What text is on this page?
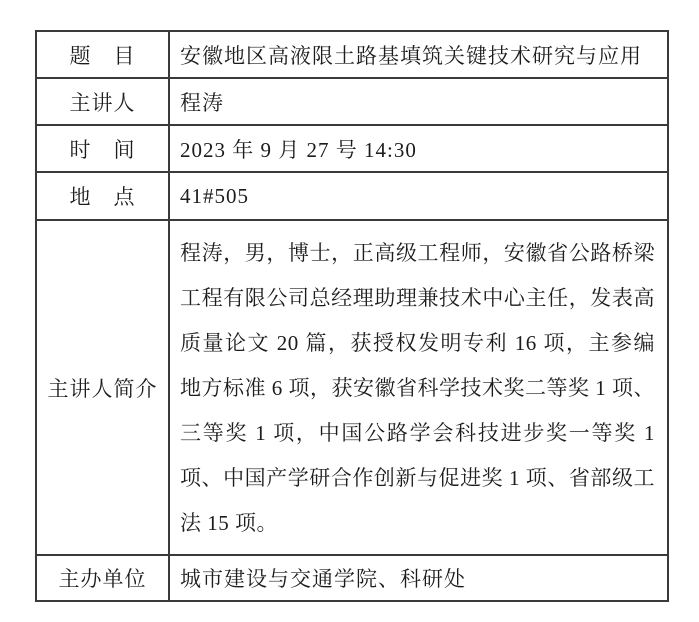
题　目	安徽地区高液限土路基填筑关键技术研究与应用
主讲人	程涛
时　间	2023 年 9 月 27 号 14:30
地　点	41#505
主讲人简介	程涛，男，博士，正高级工程师，安徽省公路桥梁工程有限公司总经理助理兼技术中心主任，发表高质量论文 20 篇，获授权发明专利 16 项，主参编地方标准 6 项，获安徽省科学技术奖二等奖 1 项、三等奖 1 项，中国公路学会科技进步奖一等奖 1 项、中国产学研合作创新与促进奖 1 项、省部级工法 15 项。
主办单位	城市建设与交通学院、科研处
